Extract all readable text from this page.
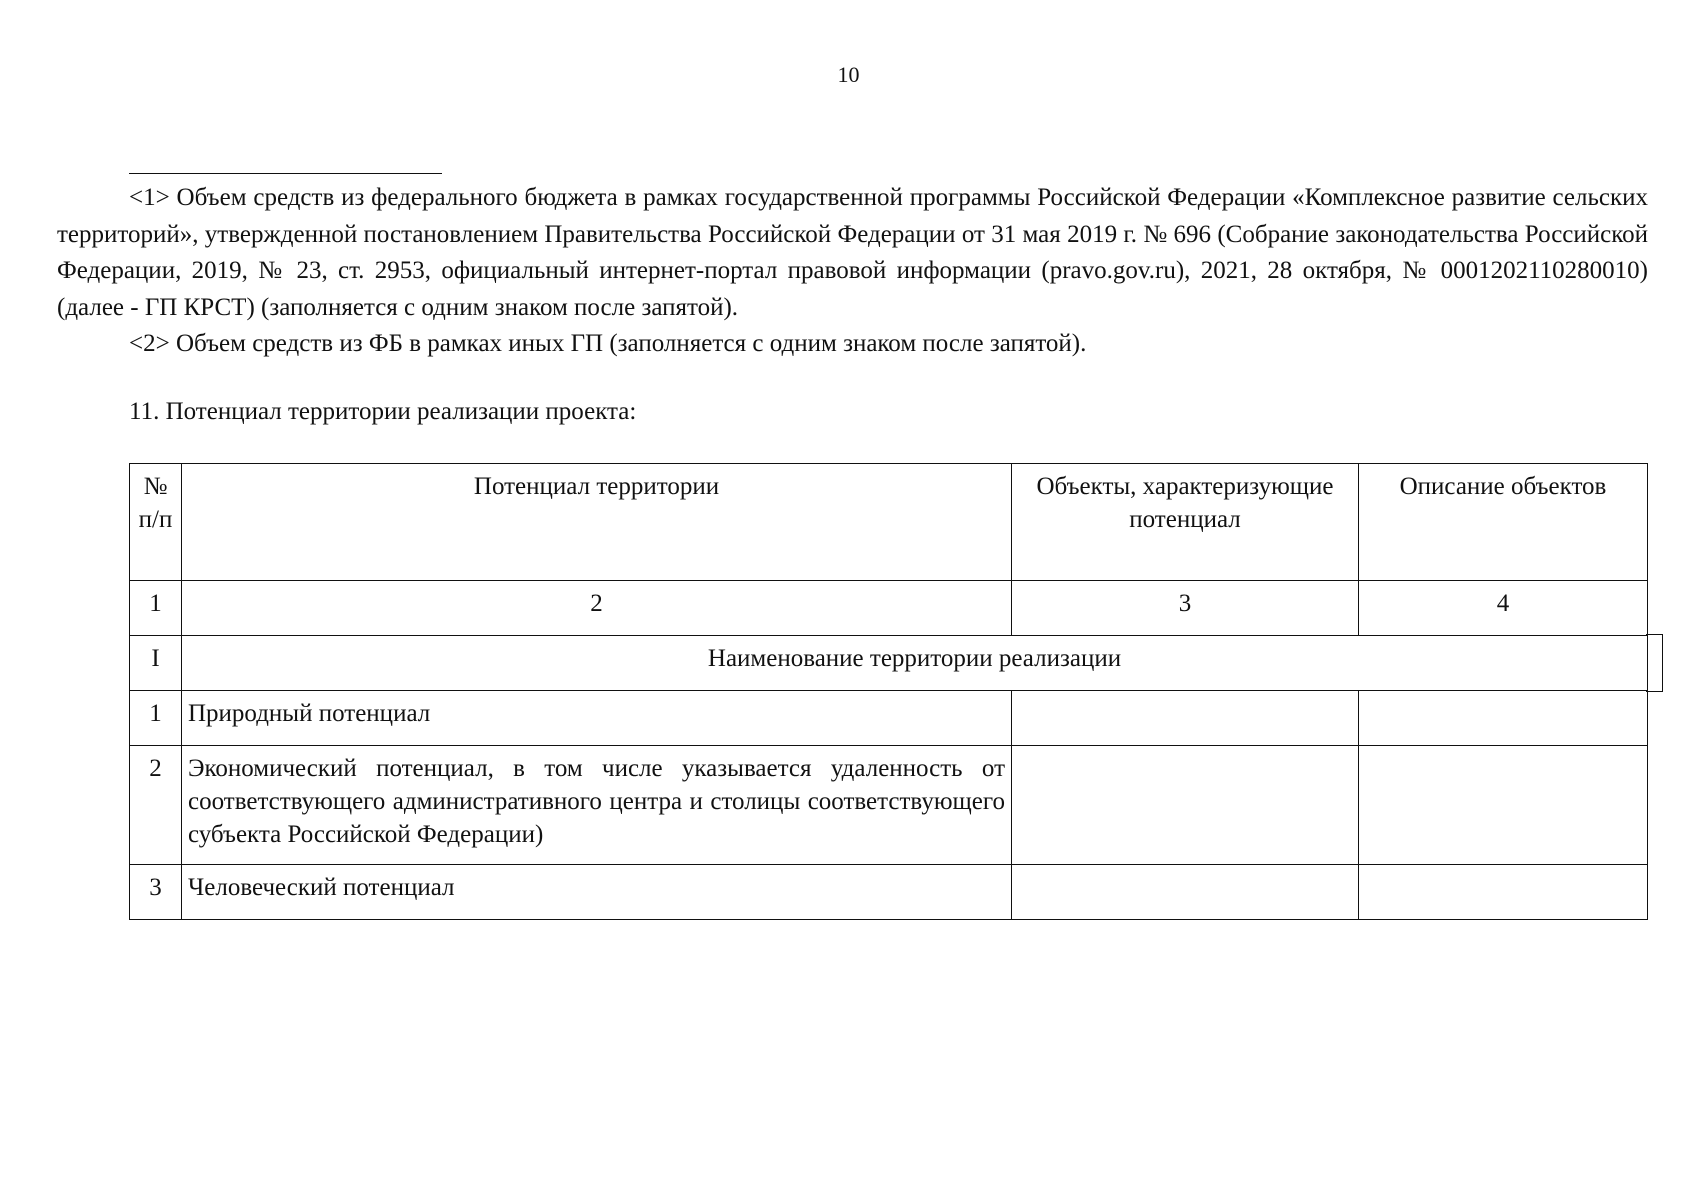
10

<1> Объем средств из федерального бюджета в рамках государственной программы Российской Федерации «Комплексное развитие сельских территорий», утвержденной постановлением Правительства Российской Федерации от 31 мая 2019 г. № 696 (Собрание законодательства Российской Федерации, 2019, № 23, ст. 2953, официальный интернет-портал правовой информации (pravo.gov.ru), 2021, 28 октября, № 0001202110280010) (далее - ГП КРСТ) (заполняется с одним знаком после запятой).

<2> Объем средств из ФБ в рамках иных ГП (заполняется с одним знаком после запятой).

11. Потенциал территории реализации проекта:
№ п/п	Потенциал территории	Объекты, характеризующие потенциал	Описание объектов
1	2	3	4
I	Наименование территории реализации		

1	Природный потенциал		
2	Экономический потенциал, в том числе указывается удаленность от соответствующего административного центра и столицы соответствующего субъекта Российской Федерации)		
3	Человеческий потенциал		
